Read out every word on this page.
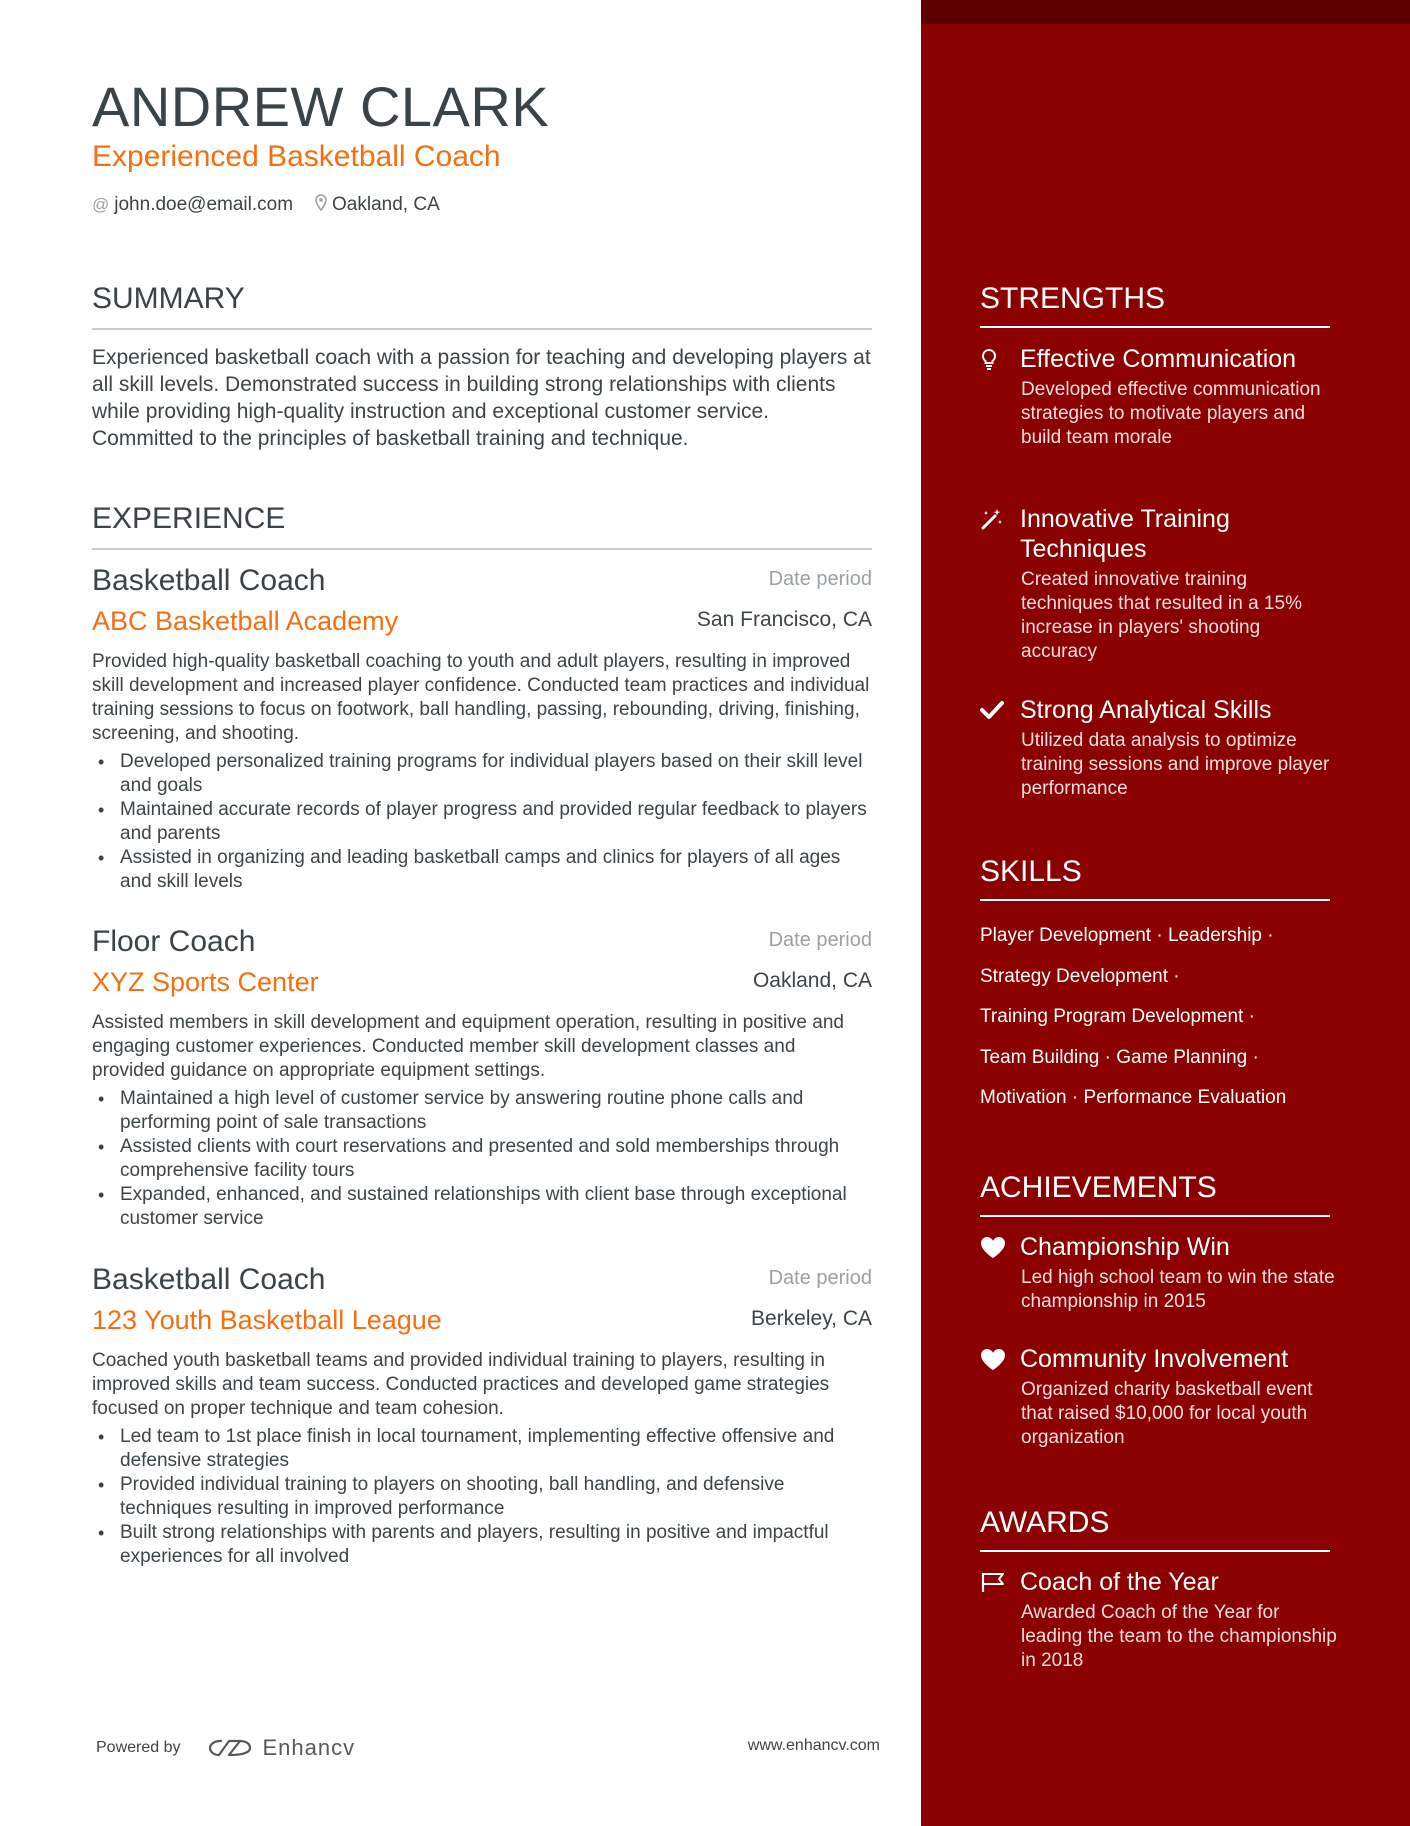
ANDREW CLARK
Experienced Basketball Coach
@ john.doe@email.com Oakland, CA
SUMMARY
Experienced basketball coach with a passion for teaching and developing players at all skill levels. Demonstrated success in building strong relationships with clients while providing high-quality instruction and exceptional customer service. Committed to the principles of basketball training and technique.
EXPERIENCE
Basketball Coach	Date period
ABC Basketball Academy	San Francisco, CA
Provided high-quality basketball coaching to youth and adult players, resulting in improved skill development and increased player confidence. Conducted team practices and individual training sessions to focus on footwork, ball handling, passing, rebounding, driving, finishing, screening, and shooting.
• Developed personalized training programs for individual players based on their skill level and goals
• Maintained accurate records of player progress and provided regular feedback to players and parents
• Assisted in organizing and leading basketball camps and clinics for players of all ages and skill levels
Floor Coach	Date period
XYZ Sports Center	Oakland, CA
Assisted members in skill development and equipment operation, resulting in positive and engaging customer experiences. Conducted member skill development classes and provided guidance on appropriate equipment settings.
• Maintained a high level of customer service by answering routine phone calls and performing point of sale transactions
• Assisted clients with court reservations and presented and sold memberships through comprehensive facility tours
• Expanded, enhanced, and sustained relationships with client base through exceptional customer service
Basketball Coach	Date period
123 Youth Basketball League	Berkeley, CA
Coached youth basketball teams and provided individual training to players, resulting in improved skills and team success. Conducted practices and developed game strategies focused on proper technique and team cohesion.
• Led team to 1st place finish in local tournament, implementing effective offensive and defensive strategies
• Provided individual training to players on shooting, ball handling, and defensive techniques resulting in improved performance
• Built strong relationships with parents and players, resulting in positive and impactful experiences for all involved
Powered by	Enhancv	www.enhancv.com
STRENGTHS
Effective Communication
Developed effective communication strategies to motivate players and build team morale
Innovative Training Techniques
Created innovative training techniques that resulted in a 15% increase in players' shooting accuracy
Strong Analytical Skills
Utilized data analysis to optimize training sessions and improve player performance
SKILLS
Player Development · Leadership ·
Strategy Development ·
Training Program Development ·
Team Building · Game Planning ·
Motivation · Performance Evaluation
ACHIEVEMENTS
Championship Win
Led high school team to win the state championship in 2015
Community Involvement
Organized charity basketball event that raised $10,000 for local youth organization
AWARDS
Coach of the Year
Awarded Coach of the Year for leading the team to the championship in 2018
